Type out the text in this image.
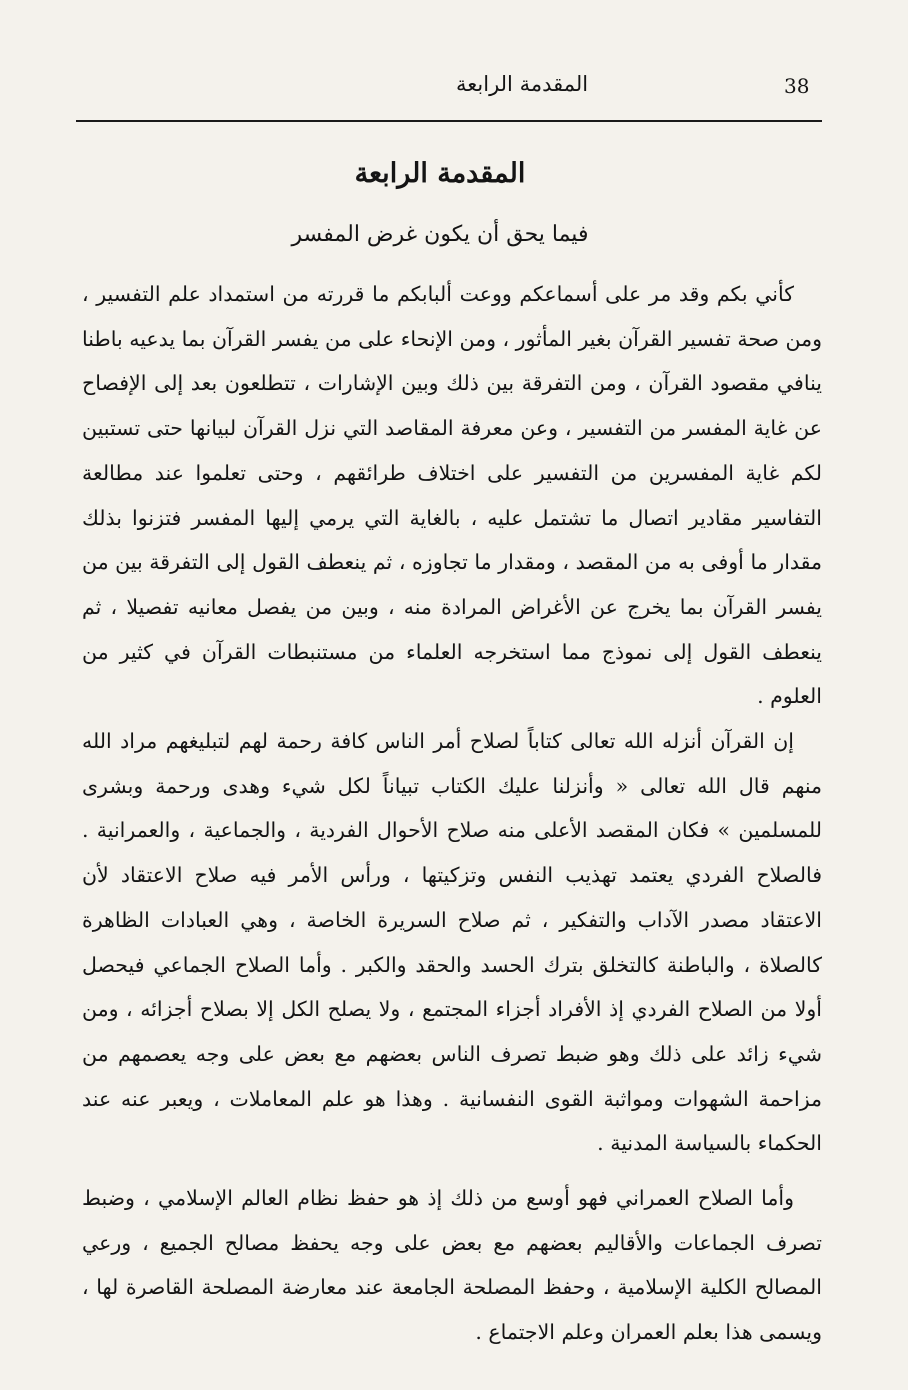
38
المقدمة الرابعة
المقدمة الرابعة
فيما يحق أن يكون غرض المفسر

كأني بكم وقد مر على أسماعكم ووعت ألبابكم ما قررته من استمداد علم التفسير ، ومن صحة تفسير القرآن بغير المأثور ، ومن الإنحاء على من يفسر القرآن بما يدعيه باطنا ينافي مقصود القرآن ، ومن التفرقة بين ذلك وبين الإشارات ، تتطلعون بعد إلى الإفصاح عن غاية المفسر من التفسير ، وعن معرفة المقاصد التي نزل القرآن لبيانها حتى تستبين لكم غاية المفسرين من التفسير على اختلاف طرائقهم ، وحتى تعلموا عند مطالعة التفاسير مقادير اتصال ما تشتمل عليه ، بالغاية التي يرمي إليها المفسر فتزنوا بذلك مقدار ما أوفى به من المقصد ، ومقدار ما تجاوزه ، ثم ينعطف القول إلى التفرقة بين من يفسر القرآن بما يخرج عن الأغراض المرادة منه ، وبين من يفصل معانيه تفصيلا ، ثم ينعطف القول إلى نموذج مما استخرجه العلماء من مستنبطات القرآن في كثير من العلوم .

إن القرآن أنزله الله تعالى كتاباً لصلاح أمر الناس كافة رحمة لهم لتبليغهم مراد الله منهم قال الله تعالى « وأنزلنا عليك الكتاب تبياناً لكل شيء وهدى ورحمة وبشرى للمسلمين » فكان المقصد الأعلى منه صلاح الأحوال الفردية ، والجماعية ، والعمرانية . فالصلاح الفردي يعتمد تهذيب النفس وتزكيتها ، ورأس الأمر فيه صلاح الاعتقاد لأن الاعتقاد مصدر الآداب والتفكير ، ثم صلاح السريرة الخاصة ، وهي العبادات الظاهرة كالصلاة ، والباطنة كالتخلق بترك الحسد والحقد والكبر . وأما الصلاح الجماعي فيحصل أولا من الصلاح الفردي إذ الأفراد أجزاء المجتمع ، ولا يصلح الكل إلا بصلاح أجزائه ، ومن شيء زائد على ذلك وهو ضبط تصرف الناس بعضهم مع بعض على وجه يعصمهم من مزاحمة الشهوات ومواثبة القوى النفسانية . وهذا هو علم المعاملات ، ويعبر عنه عند الحكماء بالسياسة المدنية .

وأما الصلاح العمراني فهو أوسع من ذلك إذ هو حفظ نظام العالم الإسلامي ، وضبط تصرف الجماعات والأقاليم بعضهم مع بعض على وجه يحفظ مصالح الجميع ، ورعي المصالح الكلية الإسلامية ، وحفظ المصلحة الجامعة عند معارضة المصلحة القاصرة لها ، ويسمى هذا بعلم العمران وعلم الاجتماع .
